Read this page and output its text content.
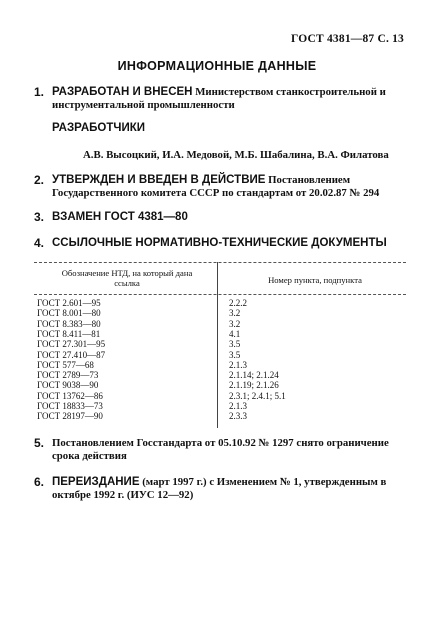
ГОСТ 4381—87 С. 13
ИНФОРМАЦИОННЫЕ ДАННЫЕ
1. РАЗРАБОТАН И ВНЕСЕН Министерством станкостроительной и инструментальной промышленности
РАЗРАБОТЧИКИ
А.В. Высоцкий, И.А. Медовой, М.Б. Шабалина, В.А. Филатова
2. УТВЕРЖДЕН И ВВЕДЕН В ДЕЙСТВИЕ Постановлением Государственного комитета СССР по стандартам от 20.02.87 № 294
3. ВЗАМЕН ГОСТ 4381—80
4. ССЫЛОЧНЫЕ НОРМАТИВНО-ТЕХНИЧЕСКИЕ ДОКУМЕНТЫ
Обозначение НТД, на который дана ссылка	Номер пункта, подпункта
ГОСТ 2.601—95	2.2.2
ГОСТ 8.001—80	3.2
ГОСТ 8.383—80	3.2
ГОСТ 8.411—81	4.1
ГОСТ 27.301—95	3.5
ГОСТ 27.410—87	3.5
ГОСТ 577—68	2.1.3
ГОСТ 2789—73	2.1.14; 2.1.24
ГОСТ 9038—90	2.1.19; 2.1.26
ГОСТ 13762—86	2.3.1; 2.4.1; 5.1
ГОСТ 18833—73	2.1.3
ГОСТ 28197—90	2.3.3
5. Постановлением Госстандарта от 05.10.92 № 1297 снято ограничение срока действия
6. ПЕРЕИЗДАНИЕ (март 1997 г.) с Изменением № 1, утвержденным в октябре 1992 г. (ИУС 12—92)
